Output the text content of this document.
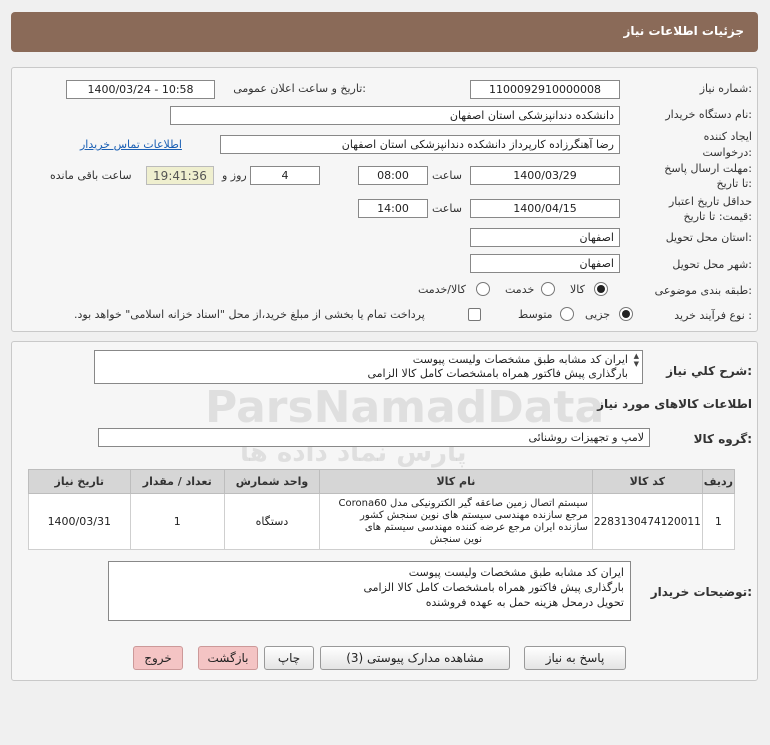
جزئیات اطلاعات نیاز
شماره نیاز:
1100092910000008
تاریخ و ساعت اعلان عمومی:
1400/03/24 - 10:58
نام دستگاه خریدار:
دانشکده دندانپزشکی استان اصفهان
ایجاد کننده
درخواست:
رضا آهنگرزاده کارپرداز دانشکده دندانپزشکی استان اصفهان
اطلاعات تماس خریدار
مهلت ارسال پاسخ:
تا تاریخ:
1400/03/29
ساعت
08:00
4
روز و
19:41:36
ساعت باقی مانده
حداقل تاریخ اعتبار
قیمت: تا تاریخ:
1400/04/15
ساعت
14:00
استان محل تحویل:
اصفهان
شهر محل تحویل:
اصفهان
طبقه بندی موضوعی:
کالا
خدمت
کالا/خدمت
نوع فرآیند خرید :
جزیی
متوسط
پرداخت تمام یا بخشی از مبلغ خرید،از محل "اسناد خزانه اسلامی" خواهد بود.
شرح کلي نياز:
ایران کد مشابه طبق مشخصات ولیست پیوست
بارگذاری پیش فاکتور همراه بامشخصات کامل کالا الزامی
▲
▼
اطلاعات کالاهای مورد نیاز
گروه کالا:
لامپ و تجهیزات روشنائی
ردیف	کد کالا	نام کالا	واحد شمارش	تعداد / مقدار	تاریخ نیاز
1	2283130474120011	سیستم اتصال زمین صاعقه گیر الکترونیکی مدل Corona60
مرجع سازنده مهندسی سیستم های نوین سنجش کشور
سازنده ایران مرجع عرضه کننده مهندسی سیستم های
نوین سنجش	دستگاه	1	1400/03/31
توضیحات خریدار:
ایران کد مشابه طبق مشخصات ولیست پیوست
بارگذاری پیش فاکتور همراه بامشخصات کامل کالا الزامی
تحویل درمحل هزینه حمل به عهده فروشنده
پاسخ به نیاز
مشاهده مدارک پیوستی (3)
چاپ
بازگشت
خروج
